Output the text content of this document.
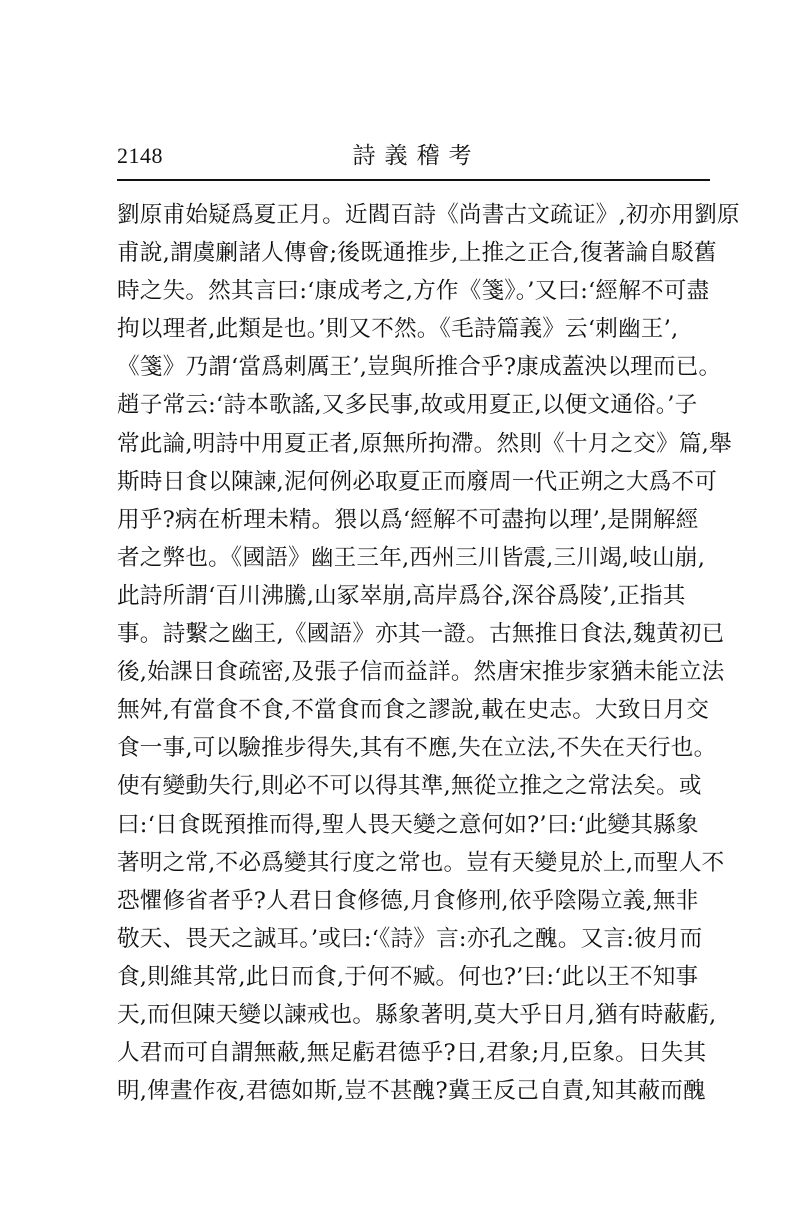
2148	詩義稽考
劉原甫始疑爲夏正月。近閻百詩《尚書古文疏证》,初亦用劉原
甫說,謂虞劆諸人傳會;後既通推步,上推之正合,復著論自駁舊
時之失。然其言曰:‘康成考之,方作《箋》。’又曰:‘經解不可盡
拘以理者,此類是也。’則又不然。《毛詩篇義》云‘刺幽王’,
《箋》乃謂‘當爲刺厲王’,豈與所推合乎?康成蓋泱以理而已。
趙子常云:‘詩本歌謠,又多民事,故或用夏正,以便文通俗。’子
常此論,明詩中用夏正者,原無所拘滯。然則《十月之交》篇,舉
斯時日食以陳諫,泥何例必取夏正而廢周一代正朔之大爲不可
用乎?病在析理未精。猥以爲‘經解不可盡拘以理’,是開解經
者之弊也。《國語》幽王三年,西州三川皆震,三川竭,岐山崩,
此詩所謂‘百川沸騰,山冢崒崩,高岸爲谷,深谷爲陵’,正指其
事。詩繫之幽王,《國語》亦其一證。古無推日食法,魏黄初已
後,始課日食疏密,及張子信而益詳。然唐宋推步家猶未能立法
無舛,有當食不食,不當食而食之謬說,載在史志。大致日月交
食一事,可以驗推步得失,其有不應,失在立法,不失在天行也。
使有變動失行,則必不可以得其準,無從立推之之常法矣。或
曰:‘日食既預推而得,聖人畏天變之意何如?’曰:‘此變其縣象
著明之常,不必爲變其行度之常也。豈有天變見於上,而聖人不
恐懼修省者乎?人君日食修德,月食修刑,依乎陰陽立義,無非
敬天、畏天之誠耳。’或曰:‘《詩》言:亦孔之醜。又言:彼月而
食,則維其常,此日而食,于何不臧。何也?’曰:‘此以王不知事
天,而但陳天變以諫戒也。縣象著明,莫大乎日月,猶有時蔽虧,
人君而可自謂無蔽,無足虧君德乎?日,君象;月,臣象。日失其
明,俾晝作夜,君德如斯,豈不甚醜?冀王反己自責,知其蔽而醜
